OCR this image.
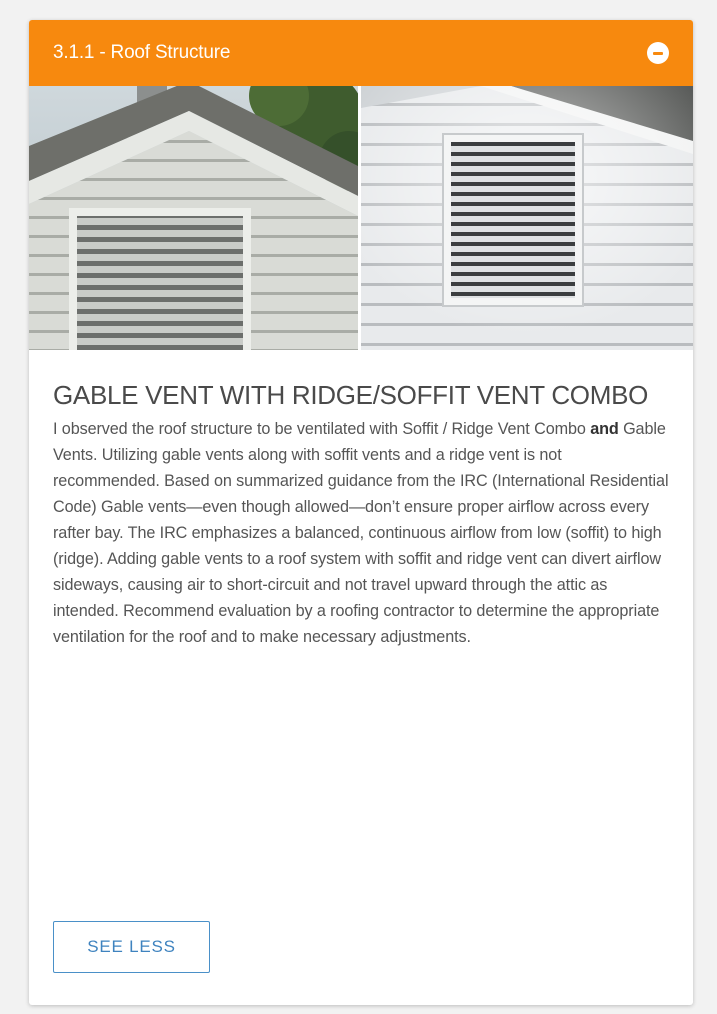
3.1.1 - Roof Structure
GABLE VENT WITH RIDGE/SOFFIT VENT COMBO

I observed the roof structure to be ventilated with Soffit / Ridge Vent Combo and Gable Vents. Utilizing gable vents along with soffit vents and a ridge vent is not recommended. Based on summarized guidance from the IRC (International Residential Code) Gable vents—even though allowed—don’t ensure proper airflow across every rafter bay. The IRC emphasizes a balanced, continuous airflow from low (soffit) to high (ridge). Adding gable vents to a roof system with soffit and ridge vent can divert airflow sideways, causing air to short-circuit and not travel upward through the attic as intended. Recommend evaluation by a roofing contractor to determine the appropriate ventilation for the roof and to make necessary adjustments.

SEE LESS
